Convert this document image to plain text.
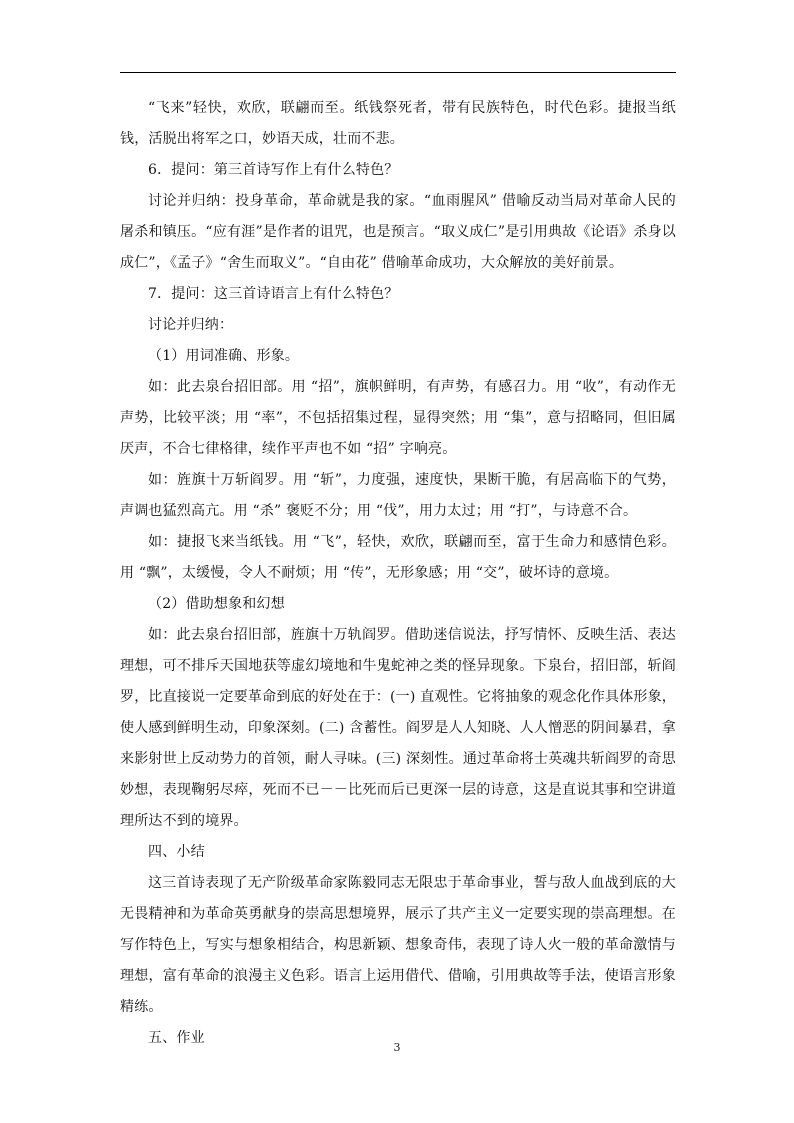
“飞来”轻快，欢欣，联翩而至。纸钱祭死者，带有民族特色，时代色彩。捷报当纸钱，活脱出将军之口，妙语天成，壮而不悲。

6．提问：第三首诗写作上有什么特色？

讨论并归纳：投身革命，革命就是我的家。“血雨腥风” 借喻反动当局对革命人民的屠杀和镇压。“应有涯”是作者的诅咒，也是预言。“取义成仁”是引用典故《论语》杀身以成仁”，《孟子》“舍生而取义”。“自由花” 借喻革命成功，大众解放的美好前景。

7．提问：这三首诗语言上有什么特色？

讨论并归纳：

（1）用词准确、形象。

如：此去泉台招旧部。用 “招”，旗帜鲜明，有声势，有感召力。用 “收”，有动作无声势，比较平淡；用 “率”，不包括招集过程，显得突然；用 “集”，意与招略同，但旧属厌声，不合七律格律，续作平声也不如 “招” 字响亮。

如：旌旗十万斩阎罗。用 “斩”，力度强，速度快，果断干脆，有居高临下的气势，声调也猛烈高亢。用 “杀” 褒贬不分；用 “伐”，用力太过；用 “打”，与诗意不合。

如：捷报飞来当纸钱。用 “飞”，轻快，欢欣，联翩而至，富于生命力和感情色彩。用 “飘”，太缓慢，令人不耐烦；用 “传”，无形象感；用 “交”，破坏诗的意境。

（2）借助想象和幻想

如：此去泉台招旧部，旌旗十万轨阎罗。借助迷信说法，抒写情怀、反映生活、表达理想，可不排斥天国地获等虚幻境地和牛鬼蛇神之类的怪异现象。下泉台，招旧部，斩阎罗，比直接说一定要革命到底的好处在于：(一) 直观性。它将抽象的观念化作具体形象，使人感到鲜明生动，印象深刻。(二) 含蓄性。阎罗是人人知晓、人人憎恶的阴间暴君，拿来影射世上反动势力的首领，耐人寻味。(三) 深刻性。通过革命将士英魂共斩阎罗的奇思妙想，表现鞠躬尽瘁，死而不已－－比死而后已更深一层的诗意，这是直说其事和空讲道理所达不到的境界。

四、小结

这三首诗表现了无产阶级革命家陈毅同志无限忠于革命事业，誓与敌人血战到底的大无畏精神和为革命英勇献身的崇高思想境界，展示了共产主义一定要实现的崇高理想。在写作特色上，写实与想象相结合，构思新颖、想象奇伟，表现了诗人火一般的革命激情与理想，富有革命的浪漫主义色彩。语言上运用借代、借喻，引用典故等手法，使语言形象精练。

五、作业

3
